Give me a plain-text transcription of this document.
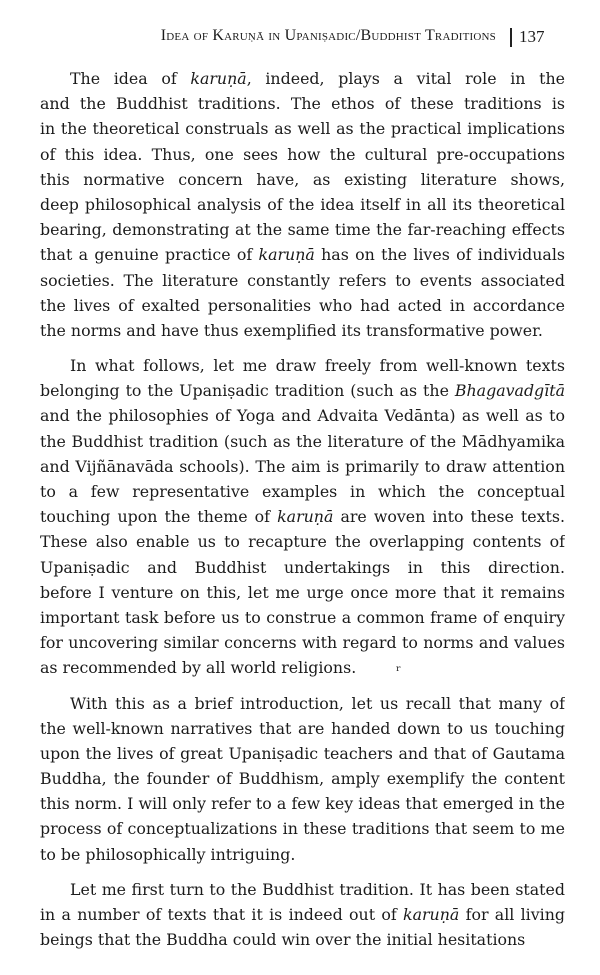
Idea of Karuṇā in Upaniṣadic/Buddhist Traditions 137
The idea of karuṇā, indeed, plays a vital role in the
and the Buddhist traditions. The ethos of these traditions is
in the theoretical construals as well as the practical implications
of this idea. Thus, one sees how the cultural pre-occupations
this normative concern have, as existing literature shows,
deep philosophical analysis of the idea itself in all its theoretical
bearing, demonstrating at the same time the far-reaching effects
that a genuine practice of karuṇā has on the lives of individuals
societies. The literature constantly refers to events associated
the lives of exalted personalities who had acted in accordance
the norms and have thus exemplified its transformative power.
In what follows, let me draw freely from well-known texts
belonging to the Upaniṣadic tradition (such as the Bhagavadgītā
and the philosophies of Yoga and Advaita Vedānta) as well as to
the Buddhist tradition (such as the literature of the Mādhyamika
and Vijñānavāda schools). The aim is primarily to draw attention
to a few representative examples in which the conceptual
touching upon the theme of karuṇā are woven into these texts.
These also enable us to recapture the overlapping contents of
Upaniṣadic and Buddhist undertakings in this direction.
before I venture on this, let me urge once more that it remains
important task before us to construe a common frame of enquiry
for uncovering similar concerns with regard to norms and values
as recommended by all world religions.
With this as a brief introduction, let us recall that many of
the well-known narratives that are handed down to us touching
upon the lives of great Upaniṣadic teachers and that of Gautama
Buddha, the founder of Buddhism, amply exemplify the content
this norm. I will only refer to a few key ideas that emerged in the
process of conceptualizations in these traditions that seem to me
to be philosophically intriguing.
Let me first turn to the Buddhist tradition. It has been stated
in a number of texts that it is indeed out of karuṇā for all living
beings that the Buddha could win over the initial hesitations
ʳ
